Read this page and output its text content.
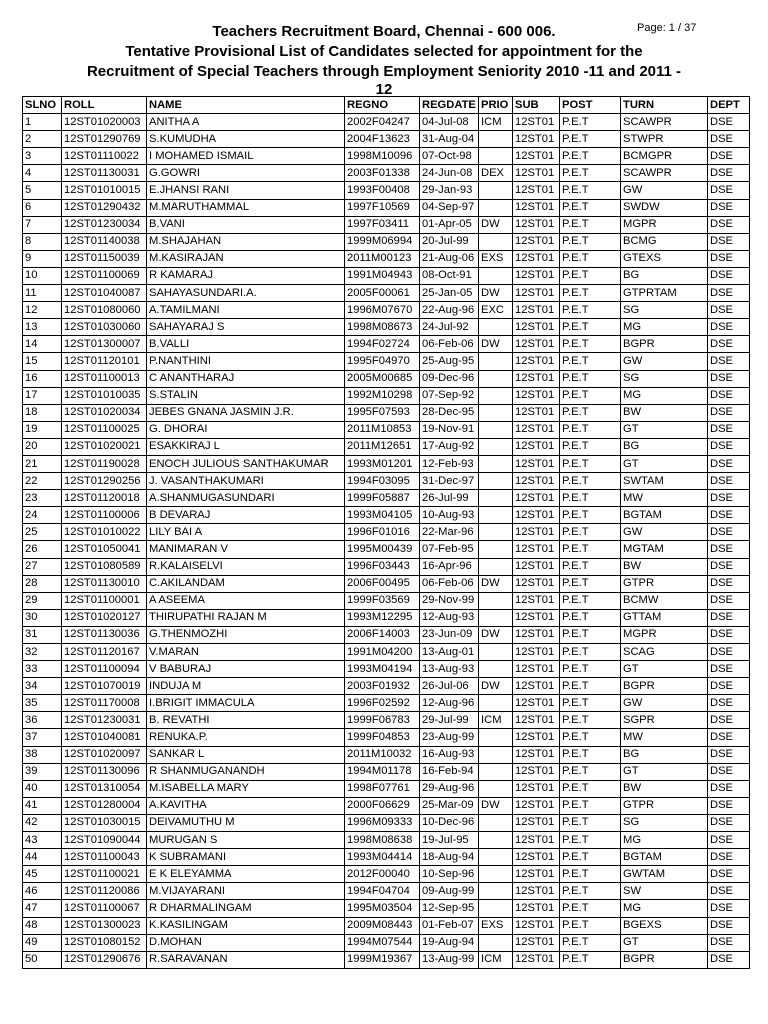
Page: 1 / 37
Teachers Recruitment Board, Chennai - 600 006.
Tentative Provisional List of Candidates selected for appointment for the
Recruitment of Special Teachers through Employment Seniority 2010 -11 and 2011 -
12
SLNO	ROLL	NAME	REGNO	REGDATE	PRIO	SUB	POST	TURN	DEPT
1	12ST01020003	ANITHA A	2002F04247	04-Jul-08	ICM	12ST01	P.E.T	SCAWPR	DSE
2	12ST01290769	S.KUMUDHA	2004F13623	31-Aug-04		12ST01	P.E.T	STWPR	DSE
3	12ST01110022	I MOHAMED ISMAIL	1998M10096	07-Oct-98		12ST01	P.E.T	BCMGPR	DSE
4	12ST01130031	G.GOWRI	2003F01338	24-Jun-08	DEX	12ST01	P.E.T	SCAWPR	DSE
5	12ST01010015	E.JHANSI RANI	1993F00408	29-Jan-93		12ST01	P.E.T	GW	DSE
6	12ST01290432	M.MARUTHAMMAL	1997F10569	04-Sep-97		12ST01	P.E.T	SWDW	DSE
7	12ST01230034	B.VANI	1997F03411	01-Apr-05	DW	12ST01	P.E.T	MGPR	DSE
8	12ST01140038	M.SHAJAHAN	1999M06994	20-Jul-99		12ST01	P.E.T	BCMG	DSE
9	12ST01150039	M.KASIRAJAN	2011M00123	21-Aug-06	EXS	12ST01	P.E.T	GTEXS	DSE
10	12ST01100069	R KAMARAJ	1991M04943	08-Oct-91		12ST01	P.E.T	BG	DSE
11	12ST01040087	SAHAYASUNDARI.A.	2005F00061	25-Jan-05	DW	12ST01	P.E.T	GTPRTAM	DSE
12	12ST01080060	A.TAMILMANI	1996M07670	22-Aug-96	EXC	12ST01	P.E.T	SG	DSE
13	12ST01030060	SAHAYARAJ S	1998M08673	24-Jul-92		12ST01	P.E.T	MG	DSE
14	12ST01300007	B.VALLI	1994F02724	06-Feb-06	DW	12ST01	P.E.T	BGPR	DSE
15	12ST01120101	P.NANTHINI	1995F04970	25-Aug-95		12ST01	P.E.T	GW	DSE
16	12ST01100013	C ANANTHARAJ	2005M00685	09-Dec-96		12ST01	P.E.T	SG	DSE
17	12ST01010035	S.STALIN	1992M10298	07-Sep-92		12ST01	P.E.T	MG	DSE
18	12ST01020034	JEBES GNANA JASMIN J.R.	1995F07593	28-Dec-95		12ST01	P.E.T	BW	DSE
19	12ST01100025	G. DHORAI	2011M10853	19-Nov-91		12ST01	P.E.T	GT	DSE
20	12ST01020021	ESAKKIRAJ L	2011M12651	17-Aug-92		12ST01	P.E.T	BG	DSE
21	12ST01190028	ENOCH JULIOUS SANTHAKUMAR	1993M01201	12-Feb-93		12ST01	P.E.T	GT	DSE
22	12ST01290256	J. VASANTHAKUMARI	1994F03095	31-Dec-97		12ST01	P.E.T	SWTAM	DSE
23	12ST01120018	A.SHANMUGASUNDARI	1999F05887	26-Jul-99		12ST01	P.E.T	MW	DSE
24	12ST01100006	B DEVARAJ	1993M04105	10-Aug-93		12ST01	P.E.T	BGTAM	DSE
25	12ST01010022	LILY BAI A	1996F01016	22-Mar-96		12ST01	P.E.T	GW	DSE
26	12ST01050041	MANIMARAN V	1995M00439	07-Feb-95		12ST01	P.E.T	MGTAM	DSE
27	12ST01080589	R.KALAISELVI	1996F03443	16-Apr-96		12ST01	P.E.T	BW	DSE
28	12ST01130010	C.AKILANDAM	2006F00495	06-Feb-06	DW	12ST01	P.E.T	GTPR	DSE
29	12ST01100001	A ASEEMA	1999F03569	29-Nov-99		12ST01	P.E.T	BCMW	DSE
30	12ST01020127	THIRUPATHI RAJAN M	1993M12295	12-Aug-93		12ST01	P.E.T	GTTAM	DSE
31	12ST01130036	G.THENMOZHI	2006F14003	23-Jun-09	DW	12ST01	P.E.T	MGPR	DSE
32	12ST01120167	V.MARAN	1991M04200	13-Aug-01		12ST01	P.E.T	SCAG	DSE
33	12ST01100094	V BABURAJ	1993M04194	13-Aug-93		12ST01	P.E.T	GT	DSE
34	12ST01070019	INDUJA M	2003F01932	26-Jul-06	DW	12ST01	P.E.T	BGPR	DSE
35	12ST01170008	I.BRIGIT IMMACULA	1996F02592	12-Aug-96		12ST01	P.E.T	GW	DSE
36	12ST01230031	B. REVATHI	1999F06783	29-Jul-99	ICM	12ST01	P.E.T	SGPR	DSE
37	12ST01040081	RENUKA.P.	1999F04853	23-Aug-99		12ST01	P.E.T	MW	DSE
38	12ST01020097	SANKAR L	2011M10032	16-Aug-93		12ST01	P.E.T	BG	DSE
39	12ST01130096	R SHANMUGANANDH	1994M01178	16-Feb-94		12ST01	P.E.T	GT	DSE
40	12ST01310054	M.ISABELLA MARY	1998F07761	29-Aug-96		12ST01	P.E.T	BW	DSE
41	12ST01280004	A.KAVITHA	2000F06629	25-Mar-09	DW	12ST01	P.E.T	GTPR	DSE
42	12ST01030015	DEIVAMUTHU M	1996M09333	10-Dec-96		12ST01	P.E.T	SG	DSE
43	12ST01090044	MURUGAN S	1998M08638	19-Jul-95		12ST01	P.E.T	MG	DSE
44	12ST01100043	K SUBRAMANI	1993M04414	18-Aug-94		12ST01	P.E.T	BGTAM	DSE
45	12ST01100021	E K ELEYAMMA	2012F00040	10-Sep-96		12ST01	P.E.T	GWTAM	DSE
46	12ST01120086	M.VIJAYARANI	1994F04704	09-Aug-99		12ST01	P.E.T	SW	DSE
47	12ST01100067	R DHARMALINGAM	1995M03504	12-Sep-95		12ST01	P.E.T	MG	DSE
48	12ST01300023	K.KASILINGAM	2009M08443	01-Feb-07	EXS	12ST01	P.E.T	BGEXS	DSE
49	12ST01080152	D.MOHAN	1994M07544	19-Aug-94		12ST01	P.E.T	GT	DSE
50	12ST01290676	R.SARAVANAN	1999M19367	13-Aug-99	ICM	12ST01	P.E.T	BGPR	DSE
